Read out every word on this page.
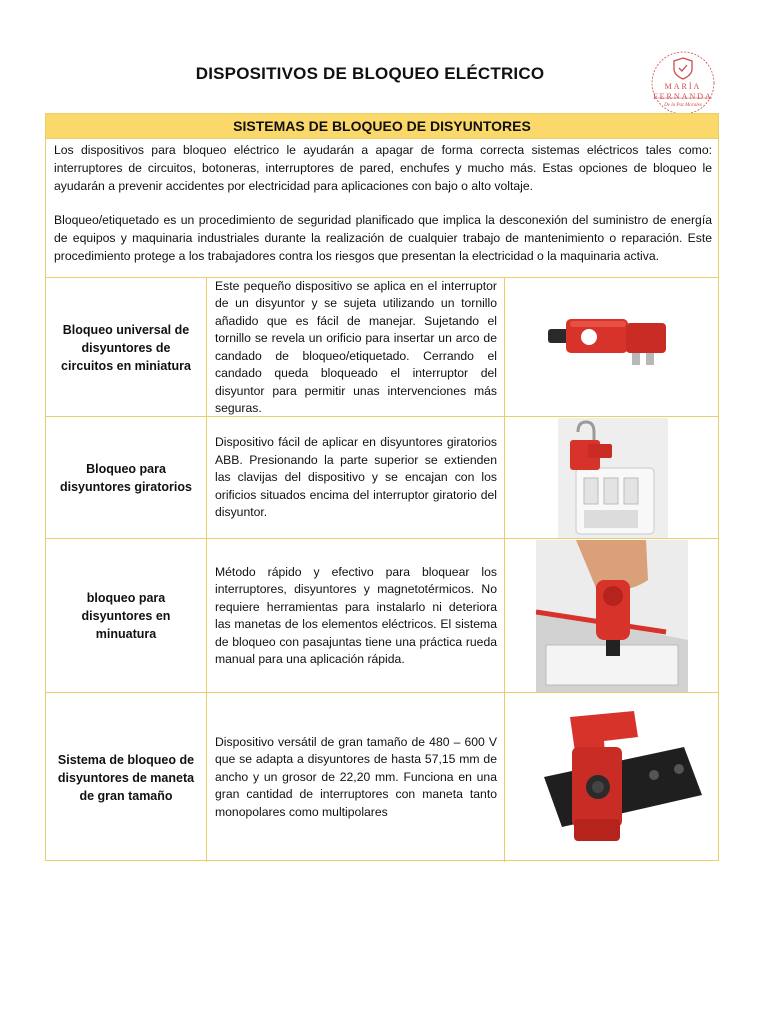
DISPOSITIVOS DE BLOQUEO ELÉCTRICO
MARÍA
FERNANDA
De la Paz Morales
SISTEMAS DE BLOQUEO DE DISYUNTORES

Los dispositivos para bloqueo eléctrico le ayudarán a apagar de forma correcta sistemas eléctricos tales como: interruptores de circuitos, botoneras, interruptores de pared, enchufes y mucho más. Estas opciones de bloqueo le ayudarán a prevenir accidentes por electricidad para aplicaciones con bajo o alto voltaje.

Bloqueo/etiquetado es un procedimiento de seguridad planificado que implica la desconexión del suministro de energía de equipos y maquinaria industriales durante la realización de cualquier trabajo de mantenimiento o reparación. Este procedimiento protege a los trabajadores contra los riesgos que presentan la electricidad o la maquinaria activa.

Bloqueo universal de disyuntores de circuitos en miniatura
Este pequeño dispositivo se aplica en el interruptor de un disyuntor y se sujeta utilizando un tornillo añadido que es fácil de manejar. Sujetando el tornillo se revela un orificio para insertar un arco de candado de bloqueo/etiquetado. Cerrando el candado queda bloqueado el interruptor del disyuntor para permitir unas intervenciones más seguras.
Bloqueo para disyuntores giratorios
Dispositivo fácil de aplicar en disyuntores giratorios ABB. Presionando la parte superior se extienden las clavijas del dispositivo y se encajan con los orificios situados encima del interruptor giratorio del disyuntor.
bloqueo para disyuntores en minuatura
Método rápido y efectivo para bloquear los interruptores, disyuntores y magnetotérmicos. No requiere herramientas para instalarlo ni deteriora las manetas de los elementos eléctricos. El sistema de bloqueo con pasajuntas tiene una práctica rueda manual para una aplicación rápida.
Sistema de bloqueo de disyuntores de maneta de gran tamaño
Dispositivo versátil de gran tamaño de 480 – 600 V que se adapta a disyuntores de hasta 57,15 mm de ancho y un grosor de 22,20 mm. Funciona en una gran cantidad de interruptores con maneta tanto monopolares como multipolares
